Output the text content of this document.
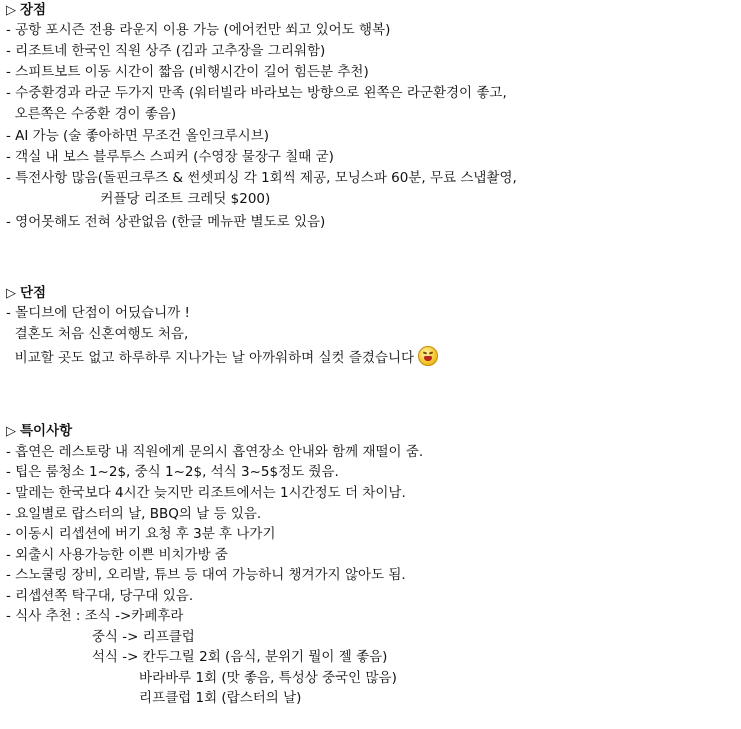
▷ 장점
- 공항 포시즌 전용 라운지 이용 가능 (에어컨만 쐬고 있어도 행복)
- 리조트네 한국인 직원 상주 (김과 고추장을 그리워함)
- 스피트보트 이동 시간이 짧음 (비행시간이 길어 힘든분 추천)
- 수중환경과 라군 두가지 만족 (워터빌라 바라보는 방향으로 왼쪽은 라군환경이 좋고,
오른쪽은 수중환 경이 좋음)
- AI 가능 (술 좋아하면 무조건 올인크루시브)
- 객실 내 보스 블루투스 스피커 (수영장 물장구 칠때 굳)
- 특전사항 많음(돌핀크루즈 & 썬셋피싱 각 1회씩 제공, 모닝스파 60분, 무료 스냅촬영,
커플당 리조트 크레딧 $200)
- 영어못해도 전혀 상관없음 (한글 메뉴판 별도로 있음)
▷ 단점
- 몰디브에 단점이 어딨습니까 !
결혼도 처음 신혼여행도 처음,
비교할 곳도 없고 하루하루 지나가는 날 아까워하며 실컷 즐겼습니다
▷ 특이사항
- 흡연은 레스토랑 내 직원에게 문의시 흡연장소 안내와 함께 재떨이 줌.
- 팁은 룸청소 1~2$, 중식 1~2$, 석식 3~5$정도 줬음.
- 말레는 한국보다 4시간 늦지만 리조트에서는 1시간정도 더 차이남.
- 요일별로 랍스터의 날, BBQ의 날 등 있음.
- 이동시 리셉션에 버기 요청 후 3분 후 나가기
- 외출시 사용가능한 이쁜 비치가방 줌
- 스노쿨링 장비, 오리발, 튜브 등 대여 가능하니 챙겨가지 않아도 됨.
- 리셉션쪽 탁구대, 당구대 있음.
- 식사 추천 : 조식 ->카페후라
중식 -> 리프클럽
석식 -> 칸두그릴 2회 (음식, 분위기 뭘이 젤 좋음)
바라바루 1회 (맛 좋음, 특성상 중국인 많음)
리프클럽 1회 (랍스터의 날)
